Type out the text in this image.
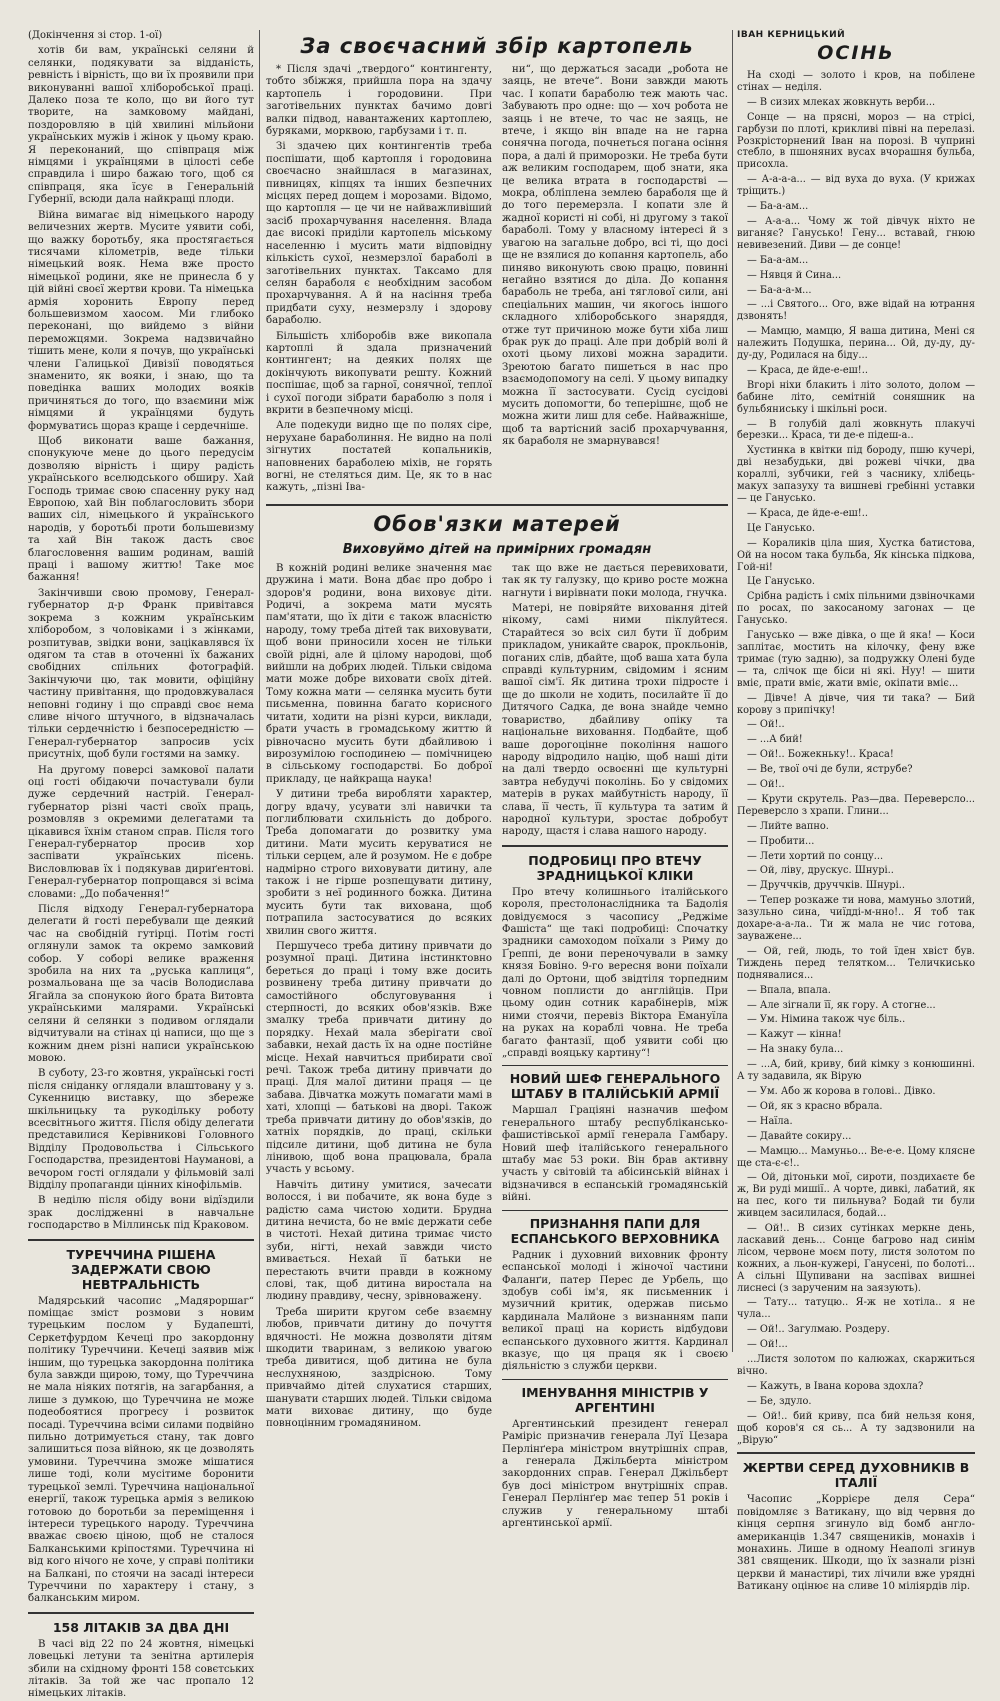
(Докінчення зі стор. 1-ої)

хотів би вам, українські селяни й селянки, подякувати за відданість, ревність і вірність, що ви їх проявили при виконуванні вашої хліборобської праці. Далеко поза те коло, що ви його тут творите, на замковому майдані, поздоровляю в цій хвилині мільйони українських мужів і жінок у цьому краю. Я переконаний, що співпраця між німцями і українцями в цілості себе справдила і широ бажаю того, щоб ся співпраця, яка їсує в Генеральній Губернії, всюди дала найкращі плоди.

Війна вимагає від німецького народу величезних жертв. Мусите уявити собі, що важку боротьбу, яка простягається тисячами кілометрів, веде тільки німецький вояк. Нема вже просто німецької родини, яке не принесла б у цій війні своєї жертви крови. Та німецька армія хоронить Европу перед большевизмом хаосом. Ми глибоко переконані, що вийдемо з війни переможцями. Зокрема надзвичайно тішить мене, коли я почув, що українські члени Галицької Дивізії поводяться знаменито, як вояки, і знаю, що та поведінка ваших молодих вояків причиняться до того, що взаємини між німцями й українцями будуть формуватись щораз краще і сердечніше.

Щоб виконати ваше бажання, спонукуюче мене до цього передусім дозволяю вірність і щиру радість українського вселюдського обширу. Хай Господь тримає свою спасенну руку над Европою, хай Він поблагословить збори ваших сіл, німецького й українського народів, у боротьбі проти большевизму та хай Він також дасть своє благословення вашим родинам, вашій праці і вашому життю! Таке моє бажання!

Закінчивши свою промову, Генерал-губернатор д-р Франк привітався зокрема з кожним українським хліборобом, з чоловіками і з жінками, розпитував, звідки вони, зацікавлявся їх одягом та став в оточенні їх бажаних свобідних спільних фотографій. Закінчуючи цю, так мовити, офіційну частину привітання, що продовжувалася неповні годину і що справді своє нема сливе нічого штучного, в відзначалась тільки сердечністю і безпосередністю — Генерал-губернатор запросив усіх присутніх, щоб були гостями на замку.

На другому поверсі замкової палати оці гості обідаючи почастували були дуже сердечний настрій. Генерал-губернатор різні часті своїх праць, розмовляв з окремими делегатами та цікавився їхнім станом справ. Після того Генерал-губернатор просив хор заспівати українських пісень. Висловлював їх і подякував дириґентові. Генерал-губернатор попрощався зі всіма словами: „До побачення!“

Після відходу Генерал-губернатора делегати й гості перебували ще деякий час на свобідній гутірці. Потім гості оглянули замок та окремо замковий собор. У соборі велике враження зробила на них та „руська каплиця“, розмальована ще за часів Володислава Ягайла за спонукою його брата Витовта українськими малярами. Українські селяни й селянки з подивом оглядали відчитували на стінах ці написи, що ще з кожним днем різні написи українською мовою.

В суботу, 23-го жовтня, українські гості після сніданку оглядали влаштовану у з. Сукенницю виставку, що збереже шкільницьку та рукодільку роботу всесвітнього життя. Після обіду делегати представилися Керівникові Головного Відділу Продовольства і Сільського Господарства, президентові Науманові, а вечором гості оглядали у фільмовій залі Відділу пропаганди цінних кінофільмів.

В неділю після обіду вони відїздили зрак дослідженні в навчальне господарство в Міллинськ під Краковом.

ТУРЕЧЧИНА РІШЕНА ЗАДЕРЖАТИ СВОЮ НЕВТРАЛЬНІСТЬ

Мадярський часопис „Мадяроршаг“ поміщає зміст розмови з новим турецьким послом у Будапешті, Серкетфурдом Кечеці про закордонну політику Туреччини. Кечеці заявив між іншим, що турецька закордонна політика була завжди щирою, тому, що Туреччина не мала ніяких потягів, на загарбання, а лише з думкою, що Туреччина не може подеобоятися прогресу і розвиток посаді. Туреччина всіми силами подвійно пильно дотримується стану, так довго залишиться поза війною, як це дозволять умовини. Туреччина зможе мішатися лише тоді, коли мусітиме боронити турецької землі. Туреччина національної енергії, також турецька армія з великою готовою до боротьби за переміщення і інтереси турецького народу. Туреччина вважає своєю ціною, щоб не сталося Балканськими кріпостями. Туреччина ні від кого нічого не хоче, у справі політики на Балкані, по стоячи на засаді інтереси Туреччини по характеру і стану, з балканським миром.

158 ЛІТАКІВ ЗА ДВА ДНІ

В часі від 22 по 24 жовтня, німецькі ловецькі летуни та зенітна артилерія збили на східному фронті 158 совєтських літаків. За той же час пропало 12 німецьких літаків.

За своєчасний збір картопель

* Після здачі „твердого“ контингенту, тобто збіжжя, прийшла пора на здачу картопель і городовини. При заготівельних пунктах бачимо довгі валки підвод, навантажених картоплею, буряками, морквою, гарбузами і т. п.

Зі здачею цих контингентів треба поспішати, щоб картопля і городовина своєчасно знайшлася в магазинах, пивницях, кіпцях та інших безпечних місцях перед дощем і морозами. Відомо, що картопля — це чи не найважливіший засіб прохарчування населення. Влада дає високі приділи картопель міському населенню і мусить мати відповідну кількість сухої, незмерзлої бараболі в заготівельних пунктах. Таксамо для селян бараболя є необхідним засобом прохарчування. А й на насіння треба придбати суху, незмерзлу і здорову бараболю.

Більшість хліборобів вже викопала картоплі й здала призначений контингент; на деяких полях ще докінчують викопувати решту. Кожний поспішає, щоб за гарної, сонячної, теплої і сухої погоди зібрати бараболю з поля і вкрити в безпечному місці.

Але подекуди видно ще по полях сіре, нерухане бараболиння. Не видно на полі зігнутих постатей копальників, наповнених бараболею міхів, не горять вогні, не стеляться дим. Це, як то в нас кажуть, „пізні Іва-

ни“, що держаться засади „робота не заяць, не втече“. Вони завжди мають час. І копати бараболю теж мають час. Забувають про одне: що — хоч робота не заяць і не втече, то час не заяць, не втече, і якщо він впаде на не гарна сонячна погода, почнеться погана осіння пора, а далі й приморозки. Не треба бути аж великим господарем, щоб знати, яка це велика втрата в господарстві — мокра, обліплена землею бараболя ще й до того перемерзла. І копати зле й жадної користі ні собі, ні другому з такої бараболі. Тому у власному інтересі й з увагою на загальне добро, всі ті, що досі ще не взялися до копання картопель, або пиняво виконують свою працю, повинні негайно взятися до діла. До копання бараболь не треба, ані тяглової сили, ані спеціальних машин, чи якогось іншого складного хліборобського знаряддя, отже тут причиною може бути хіба лиш брак рук до праці. Але при добрій волі й охоті цьому лихові можна зарадити. Зреютою багато пишеться в нас про взаємодопомогу на селі. У цьому випадку можна її застосувати. Сусід сусідові мусить допомогти, бо теперішнє, щоб не можна жити лиш для себе. Найважніше, щоб та вартісний засіб прохарчування, як бараболя не змарнувався!

Обов'язки матерей
Виховуймо дітей на примірних громадян

В кожній родині велике значення має дружина і мати. Вона дбає про добро і здоров'я родини, вона виховує діти. Родичі, а зокрема мати мусять пам'ятати, що їх діти є також власністю народу, тому треба дітей так виховувати, щоб вони приносили хосен не тільки своїй рідні, але й цілому народові, щоб вийшли на добрих людей. Тільки свідома мати може добре виховати своїх дітей. Тому кожна мати — селянка мусить бути письменна, повинна багато корисного читати, ходити на різні курси, виклади, брати участь в громадському життю й рівночасно мусить бути дбайливою і вирозумілою господинею — помічницею в сільському господарстві. Бо доброї прикладу, це найкраща наука!

У дитини треба виробляти характер, догру вдачу, усувати злі навички та поглиблювати схильність до доброго. Треба допомагати до розвитку ума дитини. Мати мусить керуватися не тільки серцем, але й розумом. Не є добре надмірно строго виховувати дитину, але також і не гірше розпещувати дитину, зробити з неї родинного божка. Дитина мусить бути так вихована, щоб потрапила застосуватися до всяких хвилин свого життя.

Першучесо треба дитину привчати до розумної праці. Дитина інстинктовно береться до праці і тому вже досить розвинену треба дитину привчати до самостійного обслуговування і стерпності, до всяких обов'язків. Вже змалку треба привчати дитину до порядку. Нехай мала зберігати свої забавки, нехай дасть їх на одне постійне місце. Нехай навчиться прибирати свої речі. Також треба дитину привчати до праці. Для малої дитини праця — це забава. Дівчатка можуть помагати мамі в хаті, хлопці — батькові на дворі. Також треба привчати дитину до обов'язків, до хатніх порядків, до праці, скільки підсиле дитини, щоб дитина не була лінивою, щоб вона працювала, брала участь у всьому.

Навчіть дитину умитися, зачесати волосся, і ви побачите, як вона буде з радістю сама чистою ходити. Брудна дитина нечиста, бо не вміє держати себе в чистоті. Нехай дитина тримає чисто зуби, нігті, нехай завжди чисто вмивається. Нехай її батьки не перестають вчити правди в кожному слові, так, щоб дитина виростала на людину правдиву, чесну, зрівноважену.

Треба ширити кругом себе взаємну любов, привчати дитину до почуття вдячності. Не можна дозволяти дітям шкодити тваринам, з великою увагою треба дивитися, щоб дитина не була неслухняною, заздрісною. Тому привчаймо дітей слухатися старших, шанувати старших людей. Тільки свідома мати виховає дитину, що буде повноцінним громадянином.

так що вже не дається перевиховати, так як ту галузку, що криво росте можна нагнути і вирівнати поки молода, гнучка.

Матері, не повіряйте виховання дітей нікому, самі ними піклуйтеся. Старайтеся зо всіх сил бути її добрим прикладом, уникайте сварок, прокльонів, поганих слів, дбайте, щоб ваша хата була справді культурним, свідомим і ясним вашої сім'ї. Як дитина трохи підросте і ще до школи не ходить, посилайте її до Дитячого Садка, де вона знайде чемно товариство, дбайливу опіку та національне виховання. Подбайте, щоб ваше дорогоцінне покоління нашого народу відродило націю, щоб наші діти на далі твердо освоєнні ще культурні завтра небудучі поколінь. Бо у свідомих матерів в руках майбутність народу, її слава, її честь, її культура та затим й народної культури, зростає добробут народу, щастя і слава нашого народу.

ПОДРОБИЦІ ПРО ВТЕЧУ ЗРАДНИЦЬКОЇ КЛІКИ

Про втечу колишнього італійського короля, престолонаслідника та Бадолія довідуємося з часопису „Реджіме Фашіста“ ще такі подробиці: Спочатку зрадники самоходом поїхали з Риму до Ґреппі, де вони переночували в замку князя Бовіно. 9-го вересня вони поїхали далі до Ортони, щоб звідтіля торпедним човном поплисти до англійців. При цьому один сотник карабінерів, між ними стоячи, перевіз Віктора Емануїла на руках на кораблі човна. Не треба багато фантазії, щоб уявити собі цю „справді вояцьку картину“!

НОВИЙ ШЕФ ГЕНЕРАЛЬНОГО ШТАБУ В ІТАЛІЙСЬКІЙ АРМІЇ

Маршал Граціяні назначив шефом генерального штабу республікансько-фашистівської армії генерала Гамбару. Новий шеф італійського генерального штабу має 53 роки. Він брав активну участь у світовій та абісинській війнах і відзначився в еспанській громадянській війні.

ПРИЗНАННЯ ПАПИ ДЛЯ ЕСПАНСЬКОГО ВЕРХОВНИКА

Радник і духовний виховник фронту еспанської молоді і жіночої частини Фаланґи, патер Перес де Урбель, що здобув собі ім'я, як письменник і музичний критик, одержав письмо кардинала Малйоне з визнанням папи великої праці на користь відбудови еспанського духовного життя. Кардинал вказує, що ця праця як і своєю діяльністю з служби церкви.

ІМЕНУВАННЯ МІНІСТРІВ У АРГЕНТИНІ

Аргентинський президент генерал Раміріс призначив генерала Луї Цезара Перлінґера міністром внутрішніх справ, а генерала Джільберта міністром закордонних справ. Генерал Джільберт був досі міністром внутрішніх справ. Генерал Перлінґер має тепер 51 років і служив у генеральному штабі аргентинської армії.

ІВАН КЕРНИЦЬКИЙ
ОСІНЬ

На сході — золото і кров, на побілене стінах — неділя.

— В сизих млеках жовкнуть верби...

Сонце — на прясні, мороз — на стрісі, гарбузи по плоті, крикливі півні на перелазі. Розкрісторнений Іван на порозі. В чуприні стебло, в пшоняних вусах вчорашня бульба, присохла.

— А-а-а-а... — від вуха до вуха. (У крижах тріщить.)

— Ба-а-ам...

— А-а-а... Чому ж той дівчук ніхто не виганяє? Ганусько! Гену... вставай, гнюю невивезений. Диви — де сонце!

— Ба-а-ам...

— Нявця й Сина...

— Ба-а-а-м...

— ...і Святого... Ого, вже відай на ютрання дзвонять!

— Мамцю, мамцю, Я ваша дитина, Мені ся належить Подушка, перина... Ой, ду-ду, ду-ду-ду, Родилася на біду...

— Краса, де йде-е-еш!..

Вгорі ніхи блакить і літо золото, долом — бабине літо, семітній соняшник на бульбяниську і шкільні роси.

— В голубій далі жовкнуть плакучі березки... Краса, ти де-е підеш-а..

Хустинка в квітки під бороду, пшю кучері, дві незабудьки, дві рожеві чічки, два кораллі, зубчики, гей з часнику, хлібець-макух запазуху та вишневі гребінні уставки — це Ганусько.

— Краса, де йде-е-еш!..

Це Ганусько.

— Кораликів ціла шия, Хустка батистова, Ой на носом така бульба, Як кінська підкова, Гой-ні!

Це Ганусько.

Срібна радість і сміх пільними дзвіночками по росах, по закосаному загонах — це Ганусько.

Ганусько — вже дівка, о ще й яка! — Коси заплітає, мостить на кілочку, фену вже тримає (тую задню), за подружку Олені буде — та, слічок ще біси ні які. Нуу! — шити вміє, прати вміє, жати вміє, окіпати вміє...

— Дівче! А дівче, чия ти така? — Бий корову з припічку!

— Ой!..

— ...А бий!

— Ой!.. Божекньку!.. Краса!

— Ве, твої очі де були, яструбе?

— Ой!..

— Крути скрутель. Раз—два. Переверсло... Переверсло з храпи. Глини...

— Лийте вапно.

— Пробити...

— Лети хортий по сонцу...

— Ой, ліву, друскус. Шнурі..

— Друччків, друччків. Шнурі..

— Тепер розкаже ти нова, мамуньо злотий, зазульно сина, чиїдді-м-нно!.. Я тоб так дохаре-а-а-ла.. Ти ж мала не чис готова, зауважене...

— Ой, гей, людь, то той їден хвіст був. Тиждень перед телятком... Теличкисько поднявалися...

— Впала, впала.

— Але зігнали її, як гору. А стогне...

— Ум. Німина також чує біль..

— Кажут — кінна!

— На знаку була...

— ...А, бий, криву, бий кімку з конюшинні. А ту задавила, як Вірую

— Ум. Або ж корова в голові.. Дівко.

— Ой, як з красно вбрала.

— Наїла.

— Давайте сокиру...

— Мамцю... Мамуньо... Ве-е-е. Цому клясне ще ста-є-є!..

— Ой, дітоньки мої, сироти, поздихаєте бе ж, Ви руді мишії.. А чорте, дивкі, лабатий, як на пес, кого ти пильнува? Бодай ти були живцем засилилася, бодай...

— Ой!.. В сизих сутінках меркне день, ласкавий день... Сонце багрово над синім лісом, червоне моєм поту, листя золотом по кожних, а льон-кужері, Ганусені, по болоті... А сільні Щупивани на заспівах вишнеі лиснесі (з зарученим на заязують).

— Тату... татуцю.. Я-ж не хотіла.. я не чула...

— Ой!.. Загулмаю. Роздеру.

— Ой!...

...Листя золотом по калюжах, скаржиться вічно.

— Кажуть, в Івана корова здохла?

— Бе, здуло.

— Ой!.. бий криву, пса бий нельзя коня, щоб коров'я ся сь... А ту задзвонили на „Вірую“

ЖЕРТВИ СЕРЕД ДУХОВНИКІВ В ІТАЛІЇ

Часопис „Коррієре деля Сера“ повідомляє з Ватикану, що від червня до кінця серпня згинуло від бомб англо-американців 1.347 священиків, монахів і монахинь. Лише в одному Неаполі згинув 381 священик. Шкоди, що їх зазнали різні церкви й манастирі, тих лічили вже урядні Ватикану оцінює на сливе 10 міліярдів лір.
